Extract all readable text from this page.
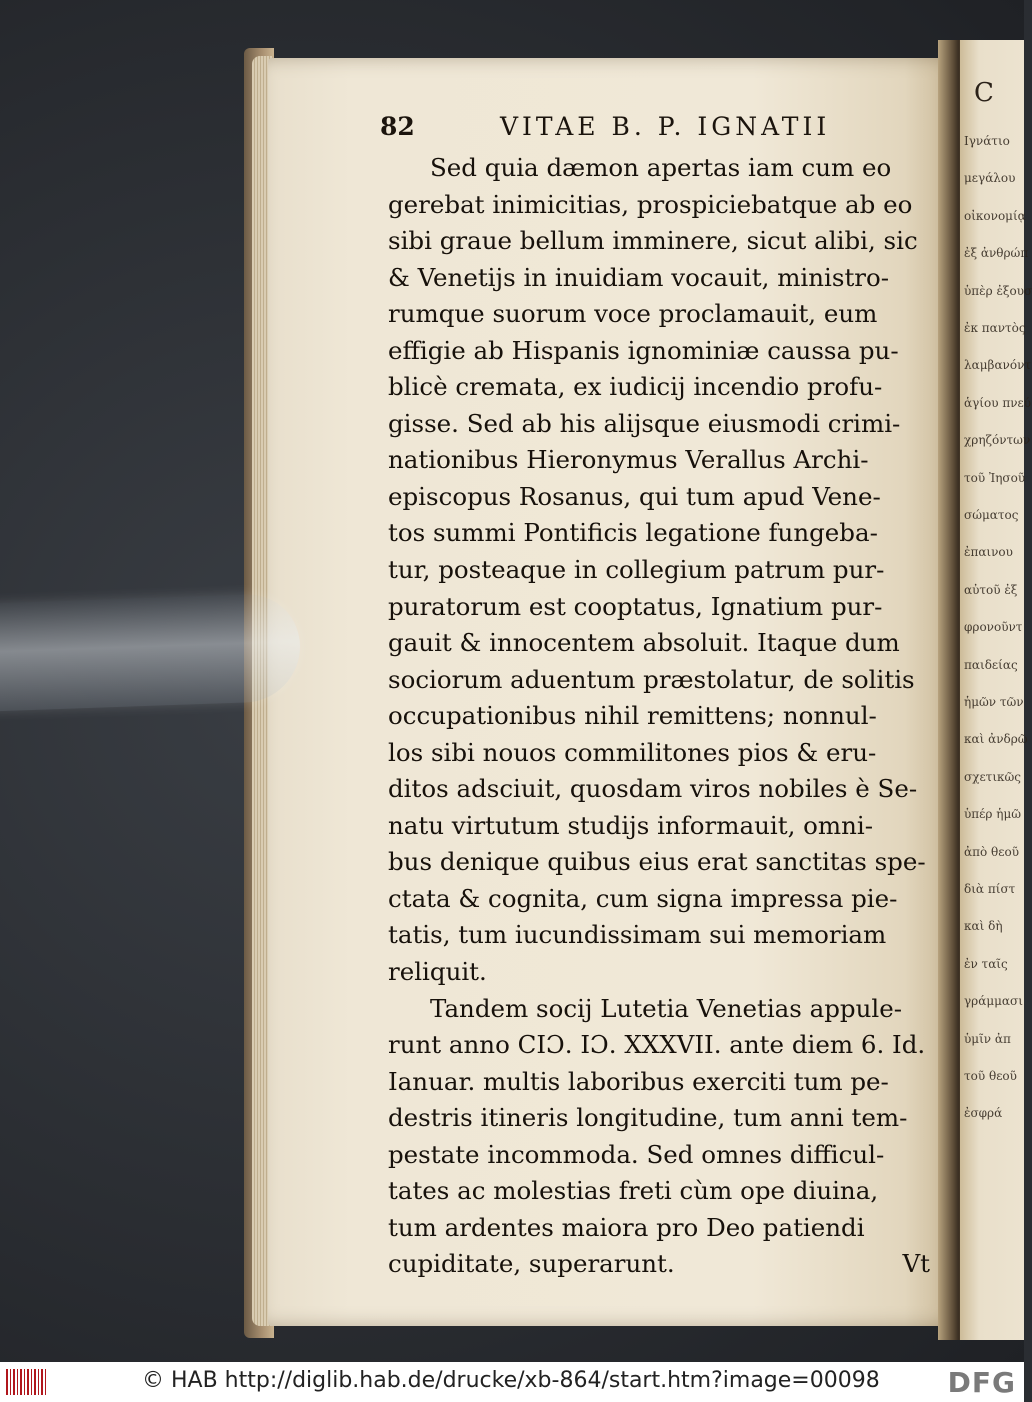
C
Ιγνάτιο
μεγάλου
οἰκονομίᾳ
ἐξ ἀνθρώπ
ὑπὲρ ἐξουσ
ἐκ παντὸς
λαμβανόντ
ἁγίου πνεύ
χρηζόντων
τοῦ Ἰησοῦ
σώματος
ἐπαινου
αὐτοῦ ἐξ
φρονοῦντ
παιδείας
ἡμῶν τῶν
καὶ ἀνδρῶ
σχετικῶς
ὑπέρ ἡμῶ
ἀπὸ θεοῦ
διὰ πίστ
καὶ δὴ
ἐν ταῖς
γράμμασι
ὑμῖν ἀπ
τοῦ θεοῦ
ἐσφρά
82	VITAE B. P. IGNATII
Sed quia dæmon apertas iam cum eo
gerebat inimicitias, prospiciebatque ab eo
sibi graue bellum imminere, sicut alibi, sic
& Venetijs in inuidiam vocauit, ministro-
rumque suorum voce proclamauit, eum
effigie ab Hispanis ignominiæ caussa pu-
blicè cremata, ex iudicij incendio profu-
gisse. Sed ab his alijsque eiusmodi crimi-
nationibus Hieronymus Verallus Archi-
episcopus Rosanus, qui tum apud Vene-
tos summi Pontificis legatione fungeba-
tur, posteaque in collegium patrum pur-
puratorum est cooptatus, Ignatium pur-
gauit & innocentem absoluit. Itaque dum
sociorum aduentum præstolatur, de solitis
occupationibus nihil remittens; nonnul-
los sibi nouos commilitones pios & eru-
ditos adsciuit, quosdam viros nobiles è Se-
natu virtutum studijs informauit, omni-
bus denique quibus eius erat sanctitas spe-
ctata & cognita, cum signa impressa pie-
tatis, tum iucundissimam sui memoriam
reliquit.
Tandem socij Lutetia Venetias appule-
runt anno CIƆ. IƆ. XXXVII. ante diem 6. Id.
Ianuar. multis laboribus exerciti tum pe-
destris itineris longitudine, tum anni tem-
pestate incommoda. Sed omnes difficul-
tates ac molestias freti cùm ope diuina,
tum ardentes maiora pro Deo patiendi
cupiditate, superarunt.	Vt
© HAB http://diglib.hab.de/drucke/xb-864/start.htm?image=00098 DFG
